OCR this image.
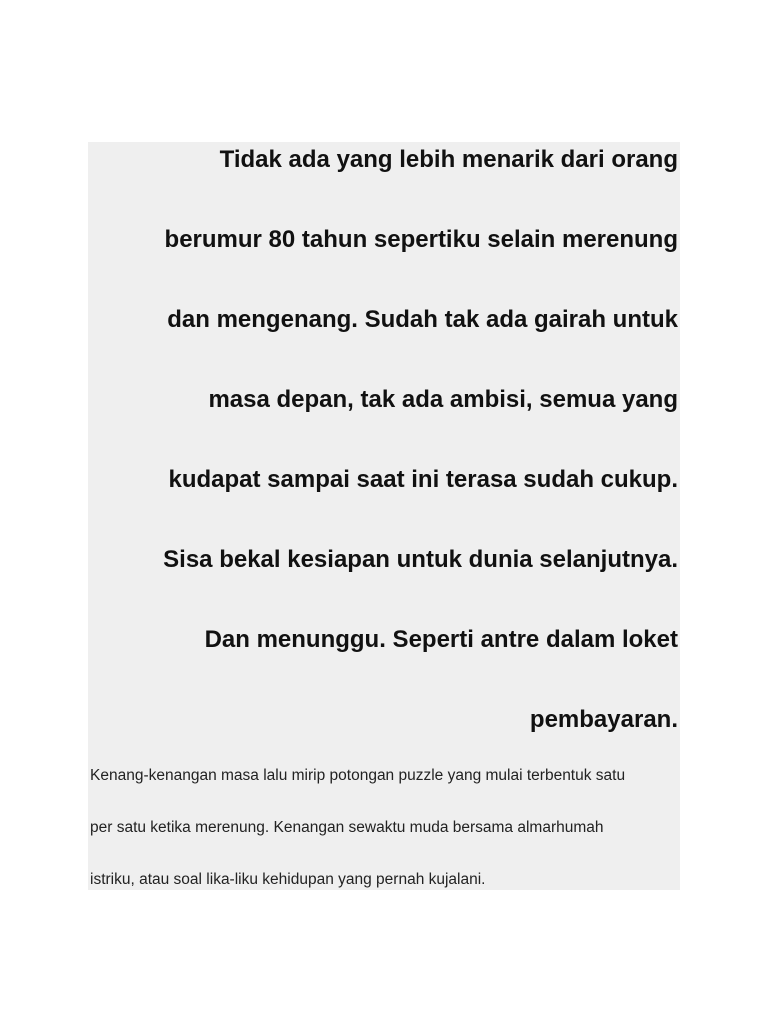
Tidak ada yang lebih menarik dari orang
berumur 80 tahun sepertiku selain merenung
dan mengenang. Sudah tak ada gairah untuk
masa depan, tak ada ambisi, semua yang
kudapat sampai saat ini terasa sudah cukup.
Sisa bekal kesiapan untuk dunia selanjutnya.
Dan menunggu. Seperti antre dalam loket
pembayaran.
Kenang-kenangan masa lalu mirip potongan puzzle yang mulai terbentuk satu
per satu ketika merenung. Kenangan sewaktu muda bersama almarhumah
istriku, atau soal lika-liku kehidupan yang pernah kujalani.
